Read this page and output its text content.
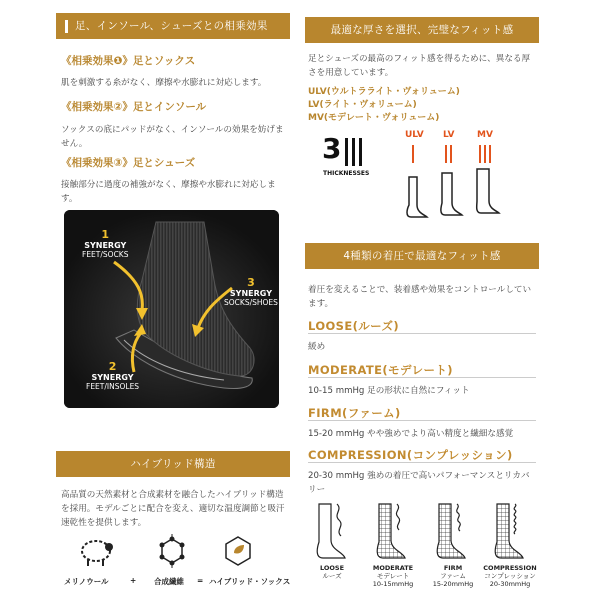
足、インソール、シューズとの相乗効果

《相乗効果❶》足とソックス

肌を刺激する糸がなく、摩擦や水膨れに対応します。

《相乗効果②》足とインソール

ソックスの底にパッドがなく、インソールの効果を妨げません。

《相乗効果③》足とシューズ

接触部分に過度の補強がなく、摩擦や水膨れに対応します。

1
SYNERGY
FEET/SOCKS
3
SYNERGY
SOCKS/SHOES
2
SYNERGY
FEET/INSOLES
ハイブリッド構造

高品質の天然素材と合成素材を融合したハイブリッド構造を採用。モデルごとに配合を変え、適切な温度調節と吸汗速乾性を提供します。

メリノウール	+ 合成繊維 = ハイブリッド・ソックス
最適な厚さを選択、完璧なフィット感

足とシューズの最高のフィット感を得るために、異なる厚さを用意しています。

ULV(ウルトラライト・ヴォリューム)
LV(ライト・ヴォリューム)
MV(モデレート・ヴォリューム)
3
THICKNESSES
ULV LV	MV
4種類の着圧で最適なフィット感

着圧を変えることで、装着感や効果をコントロールしています。

LOOSE(ルーズ)

緩め

MODERATE(モデレート)

10-15 mmHg 足の形状に自然にフィット

FIRM(ファーム)

15-20 mmHg やや強めでより高い精度と繊細な感覚

COMPRESSION(コンプレッション)

20-30 mmHg 強めの着圧で高いパフォーマンスとリカバリー

LOOSE
ルーズ
MODERATE
モデレート
10-15mmHg
FIRM
ファーム
15-20mmHg
COMPRESSION
コンプレッション
20-30mmHg
